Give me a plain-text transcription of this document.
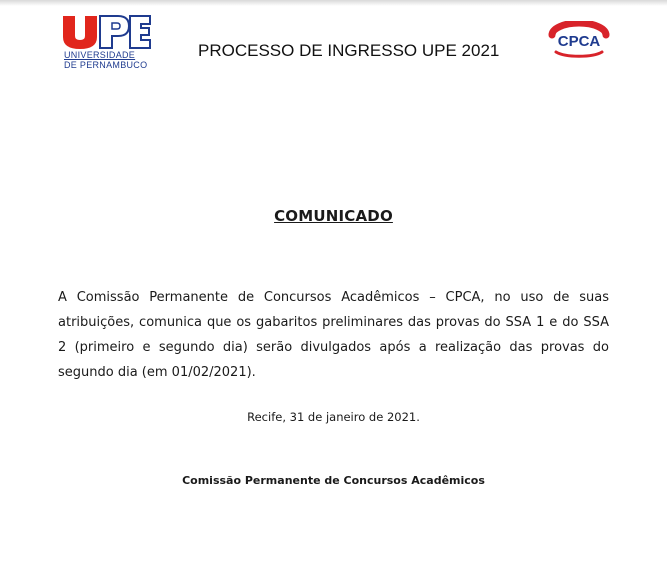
UNIVERSIDADE
DE PERNAMBUCO
PROCESSO DE INGRESSO UPE 2021	CPCA
COMUNICADO
A Comissão Permanente de Concursos Acadêmicos – CPCA, no uso de suas atribuições, comunica que os gabaritos preliminares das provas do SSA 1 e do SSA 2 (primeiro e segundo dia) serão divulgados após a realização das provas do segundo dia (em 01/02/2021).
Recife, 31 de janeiro de 2021.
Comissão Permanente de Concursos Acadêmicos
